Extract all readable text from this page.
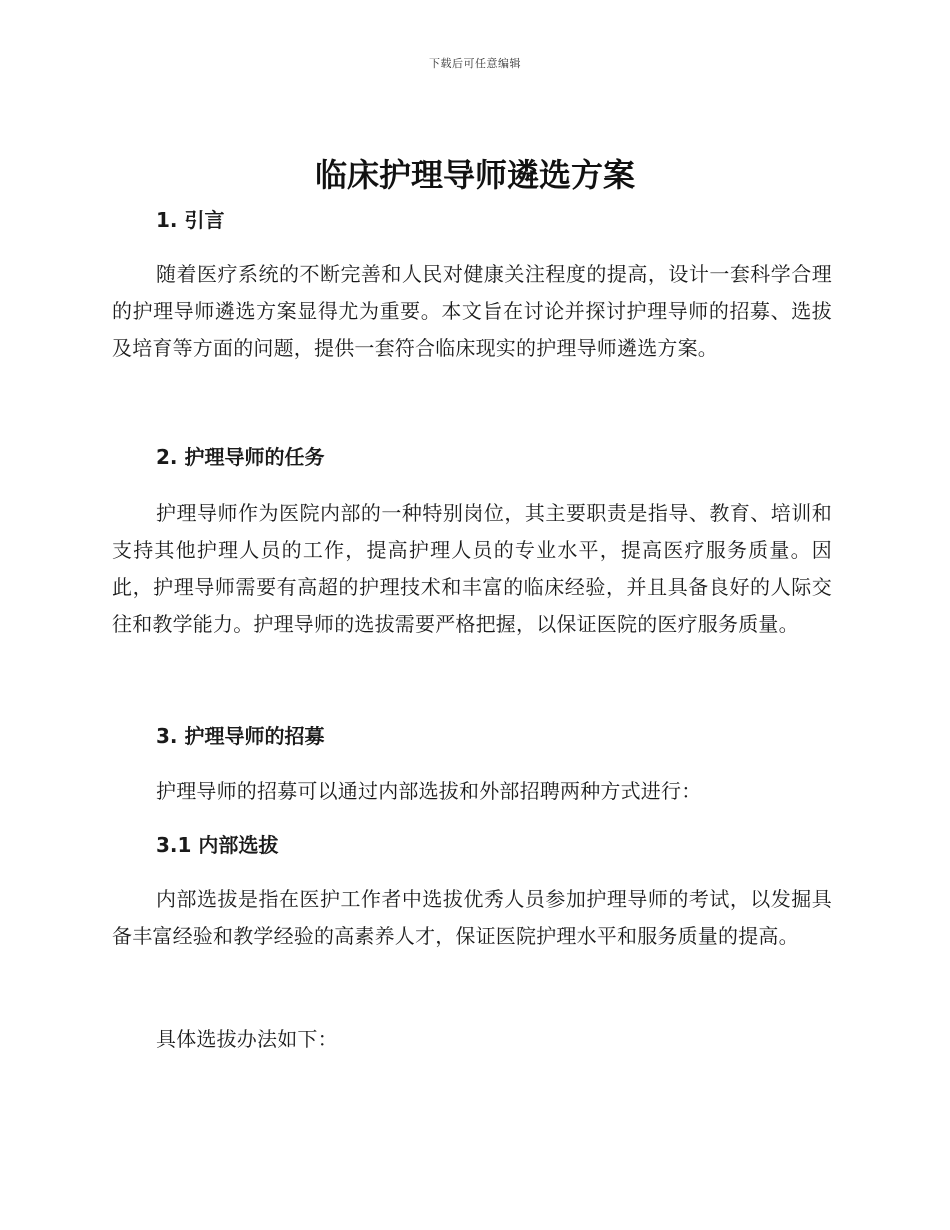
下载后可任意编辑
临床护理导师遴选方案
1. 引言

随着医疗系统的不断完善和人民对健康关注程度的提高，设计一套科学合理的护理导师遴选方案显得尤为重要。本文旨在讨论并探讨护理导师的招募、选拔及培育等方面的问题，提供一套符合临床现实的护理导师遴选方案。

2. 护理导师的任务

护理导师作为医院内部的一种特别岗位，其主要职责是指导、教育、培训和支持其他护理人员的工作，提高护理人员的专业水平，提高医疗服务质量。因此，护理导师需要有高超的护理技术和丰富的临床经验，并且具备良好的人际交往和教学能力。护理导师的选拔需要严格把握，以保证医院的医疗服务质量。

3. 护理导师的招募

护理导师的招募可以通过内部选拔和外部招聘两种方式进行：

3.1 内部选拔

内部选拔是指在医护工作者中选拔优秀人员参加护理导师的考试，以发掘具备丰富经验和教学经验的高素养人才，保证医院护理水平和服务质量的提高。

具体选拔办法如下：
